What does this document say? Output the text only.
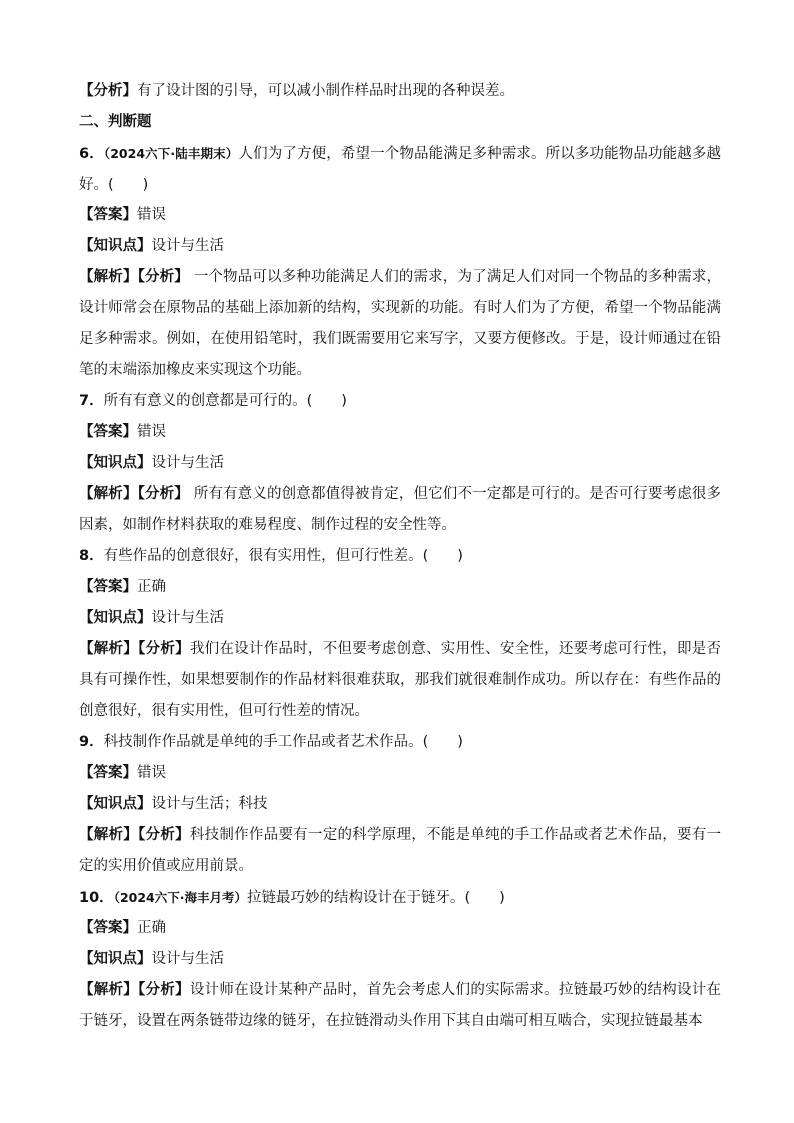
【分析】有了设计图的引导，可以减小制作样品时出现的各种误差。
二、判断题
6．（2024六下·陆丰期末）人们为了方便，希望一个物品能满足多种需求。所以多功能物品功能越多越好。(　　)
【答案】错误
【知识点】设计与生活
【解析】【分析】 一个物品可以多种功能满足人们的需求，为了满足人们对同一个物品的多种需求，设计师常会在原物品的基础上添加新的结构，实现新的功能。有时人们为了方便，希望一个物品能满足多种需求。例如，在使用铅笔时，我们既需要用它来写字，又要方便修改。于是，设计师通过在铅笔的末端添加橡皮来实现这个功能。
7．所有有意义的创意都是可行的。(　　)
【答案】错误
【知识点】设计与生活
【解析】【分析】 所有有意义的创意都值得被肯定，但它们不一定都是可行的。是否可行要考虑很多因素，如制作材料获取的难易程度、制作过程的安全性等。
8．有些作品的创意很好，很有实用性，但可行性差。(　　)
【答案】正确
【知识点】设计与生活
【解析】【分析】我们在设计作品时，不但要考虑创意、实用性、安全性，还要考虑可行性，即是否具有可操作性，如果想要制作的作品材料很难获取，那我们就很难制作成功。所以存在：有些作品的创意很好，很有实用性，但可行性差的情况。
9．科技制作作品就是单纯的手工作品或者艺术作品。(　　)
【答案】错误
【知识点】设计与生活；科技
【解析】【分析】科技制作作品要有一定的科学原理，不能是单纯的手工作品或者艺术作品，要有一定的实用价值或应用前景。
10．（2024六下·海丰月考）拉链最巧妙的结构设计在于链牙。(　　)
【答案】正确
【知识点】设计与生活
【解析】【分析】设计师在设计某种产品时，首先会考虑人们的实际需求。拉链最巧妙的结构设计在于链牙，设置在两条链带边缘的链牙，在拉链滑动头作用下其自由端可相互啮合，实现拉链最基本
